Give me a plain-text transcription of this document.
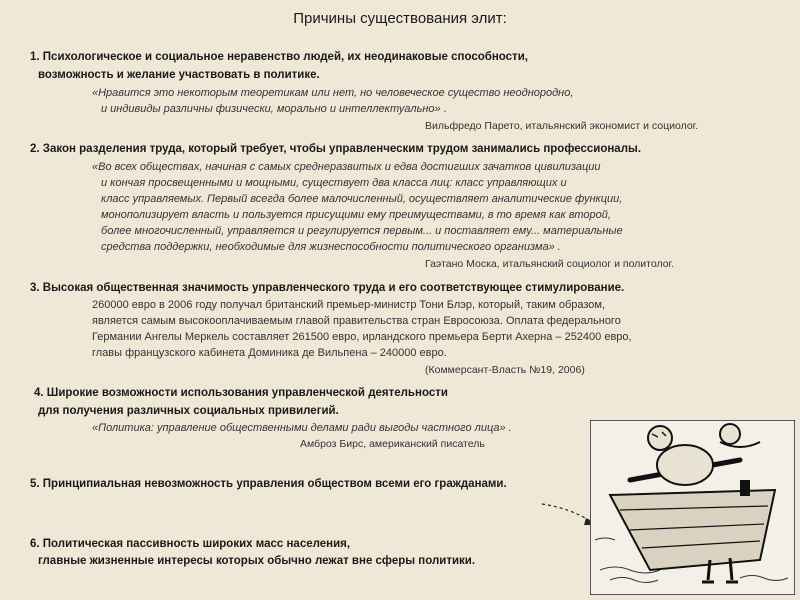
Причины существования элит:
1. Психологическое и социальное неравенство людей, их неодинаковые способности,
возможность и желание участвовать в политике.
«Нравится это некоторым теоретикам или нет, но человеческое существо неоднородно,
и индивиды различны физически, морально и интеллектуально» .
Вильфредо Парето, итальянский экономист и социолог.
2. Закон разделения труда, который требует, чтобы управленческим трудом занимались профессионалы.
«Во всех обществах, начиная с самых среднеразвитых и едва достигших зачатков цивилизации
и кончая просвещенными и мощными, существует два класса лиц: класс управляющих и
класс управляемых. Первый всегда более малочисленный, осуществляет аналитические функции,
монополизирует власть и пользуется присущими ему преимуществами, в то время как второй,
более многочисленный, управляется и регулируется первым... и поставляет ему... материальные
средства поддержки, необходимые для жизнеспособности политического организма» .
Гаэтано Моска, итальянский социолог и политолог.
3. Высокая общественная значимость управленческого труда и его соответствующее стимулирование.
260000 евро в 2006 году получал британский премьер-министр Тони Блэр, который, таким образом,
является самым высокооплачиваемым главой правительства стран Евросоюза. Оплата федерального
Германии Ангелы Меркель составляет 261500 евро, ирландского премьера Берти Ахерна – 252400 евро,
главы французского кабинета Доминика де Вильпена – 240000 евро.
(Коммерсант-Власть №19, 2006)
4. Широкие возможности использования управленческой деятельности
для получения различных социальных привилегий.
«Политика: управление общественными делами ради выгоды частного лица» .
Амброз Бирс, американский писатель
5. Принципиальная невозможность управления обществом всеми его гражданами.
6. Политическая пассивность широких масс населения,
главные жизненные интересы которых обычно лежат вне сферы политики.
